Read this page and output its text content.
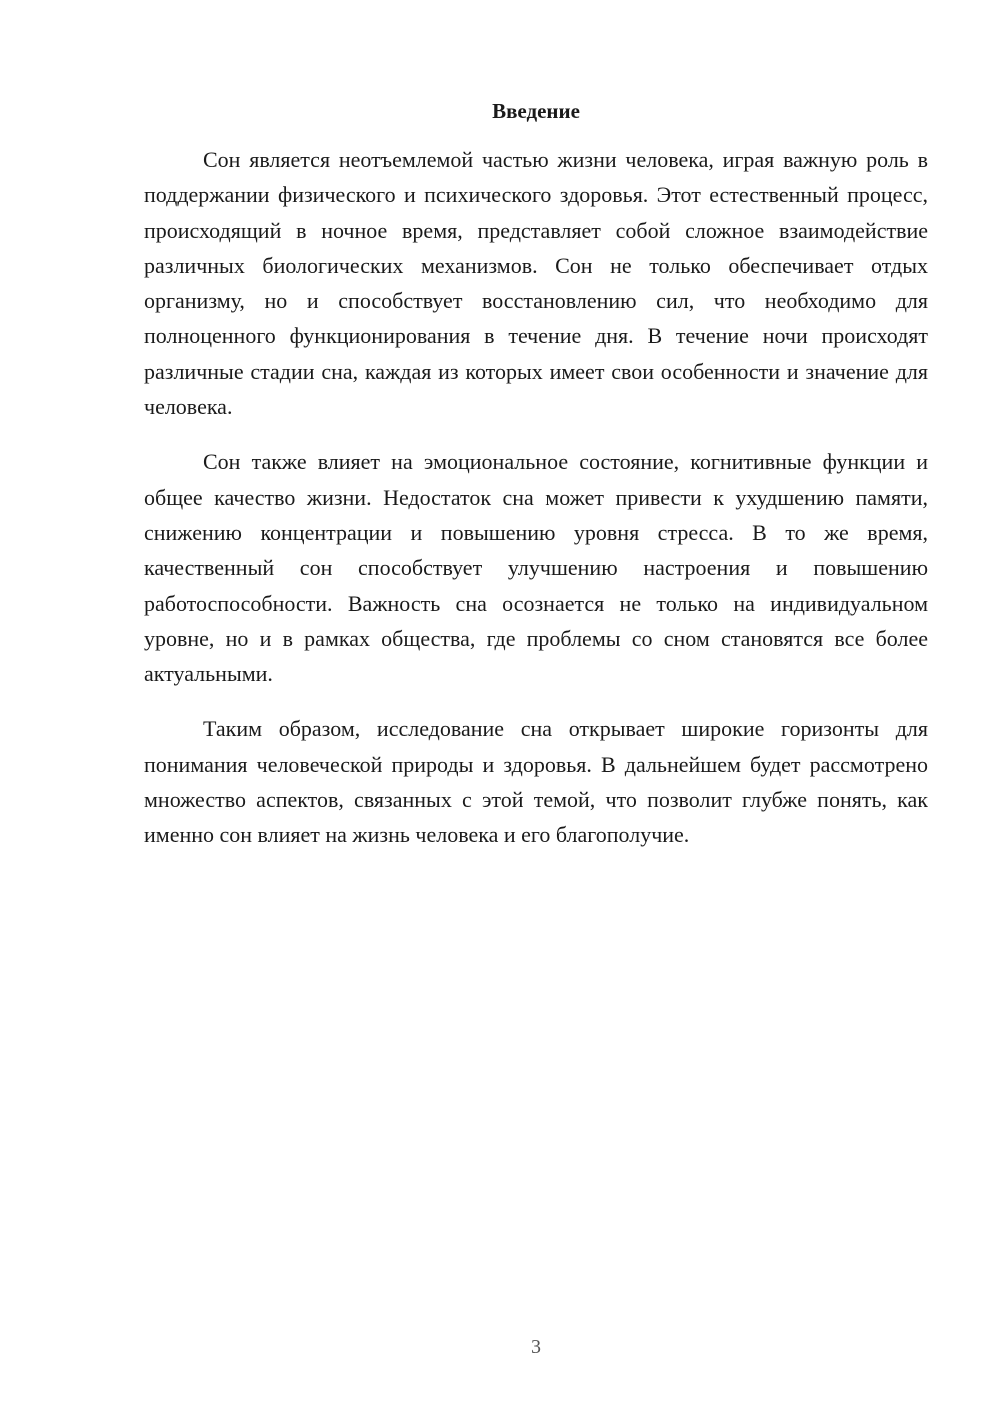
Введение

Сон является неотъемлемой частью жизни человека, играя важную роль в поддержании физического и психического здоровья. Этот естественный процесс, происходящий в ночное время, представляет собой сложное взаимодействие различных биологических механизмов. Сон не только обеспечивает отдых организму, но и способствует восстановлению сил, что необходимо для полноценного функционирования в течение дня. В течение ночи происходят различные стадии сна, каждая из которых имеет свои особенности и значение для человека.

Сон также влияет на эмоциональное состояние, когнитивные функции и общее качество жизни. Недостаток сна может привести к ухудшению памяти, снижению концентрации и повышению уровня стресса. В то же время, качественный сон способствует улучшению настроения и повышению работоспособности. Важность сна осознается не только на индивидуальном уровне, но и в рамках общества, где проблемы со сном становятся все более актуальными.

Таким образом, исследование сна открывает широкие горизонты для понимания человеческой природы и здоровья. В дальнейшем будет рассмотрено множество аспектов, связанных с этой темой, что позволит глубже понять, как именно сон влияет на жизнь человека и его благополучие.

3
